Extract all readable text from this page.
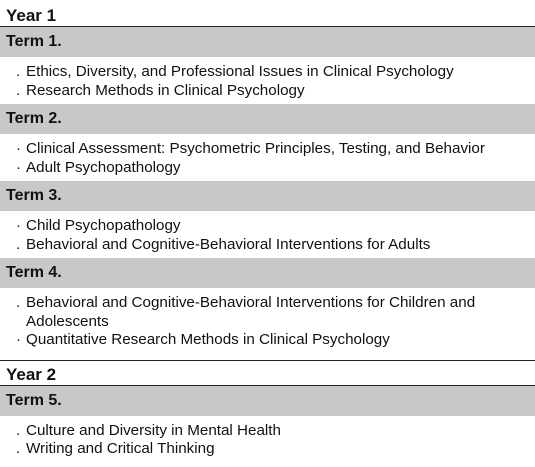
Year 1
Term 1.
. Ethics, Diversity, and Professional Issues in Clinical Psychology
. Research Methods in Clinical Psychology
Term 2.
· Clinical Assessment: Psychometric Principles, Testing, and Behavior
· Adult Psychopathology
Term 3.
· Child Psychopathology
. Behavioral and Cognitive-Behavioral Interventions for Adults
Term 4.
. Behavioral and Cognitive-Behavioral Interventions for Children and Adolescents
· Quantitative Research Methods in Clinical Psychology
Year 2
Term 5.
. Culture and Diversity in Mental Health
. Writing and Critical Thinking
